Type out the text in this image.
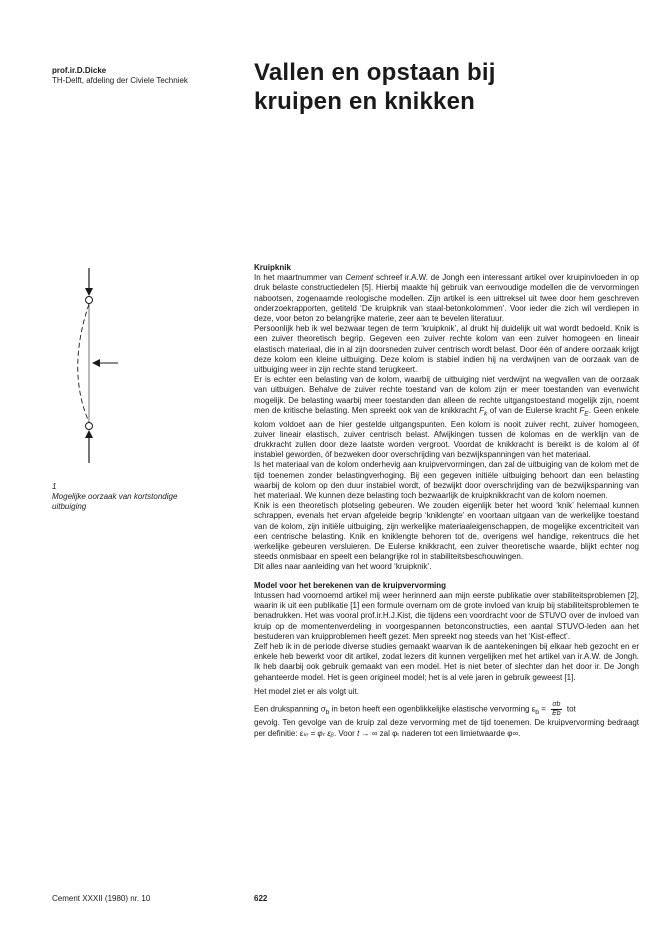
prof.ir.D.Dicke
TH-Delft, afdeling der Civiele Techniek	Vallen en opstaan bij
kruipen en knikken
1
Mogelijke oorzaak van kortstondige
uitbuiging
Kruipknik

In het maartnummer van Cement schreef ir.A.W. de Jongh een interessant artikel over kruipinvloeden in op druk belaste constructiedelen [5]. Hierbij maakte hij gebruik van eenvoudige modellen die de vervormingen nabootsen, zogenaamde reologische modellen. Zijn artikel is een uittreksel uit twee door hem geschreven onderzoekrapporten, getiteld ‘De kruipknik van staal-betonkolommen’. Voor ieder die zich wil verdiepen in deze, voor beton zo belangrijke materie, zeer aan te bevelen literatuur.

Persoonlijk heb ik wel bezwaar tegen de term ‘kruipknik’, al drukt hij duidelijk uit wat wordt bedoeld. Knik is een zuiver theoretisch begrip. Gegeven een zuiver rechte kolom van een zuiver homogeen en lineair elastisch materiaal, die in al zijn doorsneden zuiver centrisch wordt belast. Door één of andere oorzaak krijgt deze kolom een kleine uitbuiging. Deze kolom is stabiel indien hij na verdwijnen van de oorzaak van de uitbuiging weer in zijn rechte stand terugkeert.

Er is echter een belasting van de kolom, waarbij de uitbuiging niet verdwijnt na wegvallen van de oorzaak van uitbuigen. Behalve de zuiver rechte toestand van de kolom zijn er meer toestanden van evenwicht mogelijk. De belasting waarbij meer toestanden dan alleen de rechte uitgangstoestand mogelijk zijn, noemt men de kritische belasting. Men spreekt ook van de knikkracht $F_k$ of van de Eulerse kracht $F_E$. Geen enkele kolom voldoet aan de hier gestelde uitgangspunten. Een kolom is nooit zuiver recht, zuiver homogeen, zuiver lineair elastisch, zuiver centrisch belast. Afwijkingen tussen de kolomas en de werklijn van de drukkracht zullen door deze laatste worden vergroot. Voordat de knikkracht is bereikt is de kolom al óf instabiel geworden, óf bezweken door overschrijding van bezwijkspanningen van het materiaal.

Is het materiaal van de kolom onderhevig aan kruipvervormingen, dan zal de uitbuiging van de kolom met de tijd toenemen zonder belastingverhoging. Bij een gegeven initiële uitbuiging behoort dan een belasting waarbij de kolom op den duur instabiel wordt, of bezwijkt door overschrijding van de bezwijkspanning van het materiaal. We kunnen deze belasting toch bezwaarlijk de kruipknikkracht van de kolom noemen.

Knik is een theoretisch plotseling gebeuren. We zouden eigenlijk beter het woord ‘knik’ helemaal kunnen schrappen, evenals het ervan afgeleide begrip ‘kniklengte’ en voortaan uitgaan van de werkelijke toestand van de kolom, zijn initiële uitbuiging, zijn werkelijke materiaaleigenschappen, de mogelijke excentriciteit van een centrische belasting. Knik en kniklengte behoren tot de, overigens wel handige, rekentrucs die het werkelijke gebeuren versluieren. De Eulerse knikkracht, een zuiver theoretische waarde, blijkt echter nog steeds onmisbaar en speelt een belangrijke rol in stabiliteitsbeschouwingen.

Dit alles naar aanleiding van het woord ‘kruipknik’.

Model voor het berekenen van de kruipvervorming

Intussen had voornoemd artikel mij weer herinnerd aan mijn eerste publikatie over stabiliteitsproblemen [2], waarin ik uit een publikatie [1] een formule overnam om de grote invloed van kruip bij stabiliteitsproblemen te benadrukken. Het was vooral prof.ir.H.J.Kist, die tijdens een voordracht voor de STUVO over de invloed van kruip op de momentenverdeling in voorgespannen betonconstructies, een aantal STUVO-leden aan het bestuderen van kruipproblemen heeft gezet. Men spreekt nog steeds van het ‘Kist-effect’.

Zelf heb ik in de periode diverse studies gemaakt waarvan ik de aantekeningen bij elkaar heb gezocht en er enkele heb bewerkt voor dit artikel, zodat lezers dit kunnen vergelijken met het artikel van ir.A.W. de Jongh. Ik heb daarbij ook gebruik gemaakt van een model. Het is niet beter of slechter dan het door ir. De Jongh gehanteerde model. Het is geen origineel model; het is al vele jaren in gebruik geweest [1].

Het model ziet er als volgt uit.

Een drukspanning $\sigma_b$ in beton heeft een ogenblikkelijke elastische vervorming $\varepsilon_b = \frac{\sigma b}{Eb}$ tot

gevolg. Ten gevolge van de kruip zal deze vervorming met de tijd toenemen. De kruipvervorming bedraagt per definitie: εₖᵣ = φₜ εᵦ. Voor t → ∞ zal φₜ naderen tot een limietwaarde φ∞.

Cement XXXII (1980) nr. 10	622
